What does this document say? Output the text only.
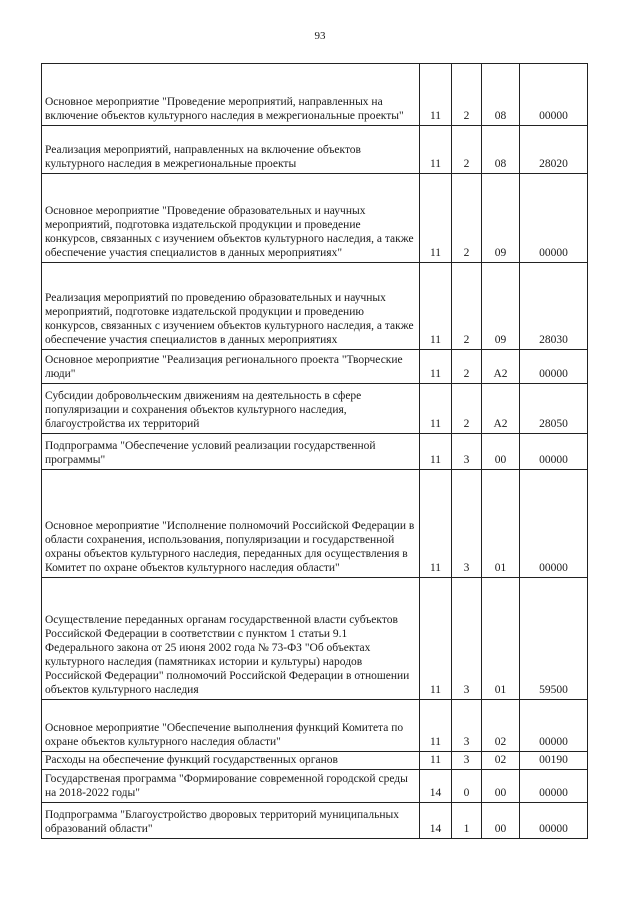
93
Основное мероприятие "Проведение мероприятий, направленных на включение объектов культурного наследия в межрегиональные проекты"	11	2	08	00000
Реализация мероприятий, направленных на включение объектов культурного наследия в межрегиональные проекты	11	2	08	28020
Основное мероприятие "Проведение образовательных и научных мероприятий, подготовка издательской продукции и проведение конкурсов, связанных с изучением объектов культурного наследия, а также обеспечение участия специалистов в данных мероприятиях"	11	2	09	00000
Реализация мероприятий по проведению образовательных и научных мероприятий, подготовке издательской продукции и проведению конкурсов, связанных с изучением объектов культурного наследия, а также обеспечение участия специалистов в данных мероприятиях	11	2	09	28030
Основное мероприятие "Реализация регионального проекта "Творческие люди"	11	2	A2	00000
Субсидии добровольческим движениям на деятельность в сфере популяризации и сохранения объектов культурного наследия, благоустройства их территорий	11	2	A2	28050
Подпрограмма "Обеспечение условий реализации государственной программы"	11	3	00	00000
Основное мероприятие "Исполнение полномочий Российской Федерации в области сохранения, использования, популяризации и государственной охраны объектов культурного наследия, переданных для осуществления в Комитет по охране объектов культурного наследия области"	11	3	01	00000
Осуществление переданных органам государственной власти субъектов Российской Федерации в соответствии с пунктом 1 статьи 9.1 Федерального закона от 25 июня 2002 года № 73-ФЗ "Об объектах культурного наследия (памятниках истории и культуры) народов Российской Федерации" полномочий Российской Федерации в отношении объектов культурного наследия	11	3	01	59500
Основное мероприятие "Обеспечение выполнения функций Комитета по охране объектов культурного наследия области"	11	3	02	00000
Расходы на обеспечение функций государственных органов	11	3	02	00190
Государственая программа "Формирование современной городской среды на 2018-2022 годы"	14	0	00	00000
Подпрограмма "Благоустройство дворовых территорий муниципальных образований области"	14	1	00	00000
